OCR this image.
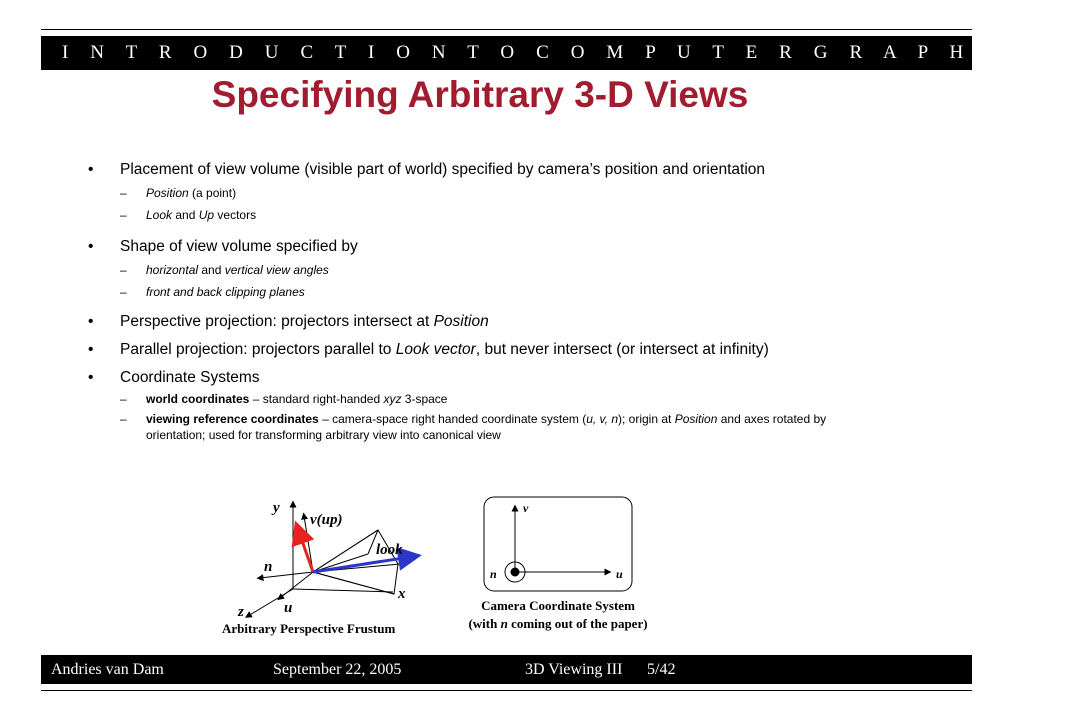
I N T R O D U C T I O N T O C O M P U T E R G R A P H I C S
Specifying Arbitrary 3-D Views
• Placement of view volume (visible part of world) specified by camera’s position and orientation
– Position (a point)
– Look and Up vectors
• Shape of view volume specified by
– horizontal and vertical view angles
– front and back clipping planes
• Perspective projection: projectors intersect at Position
• Parallel projection: projectors parallel to Look vector, but never intersect (or intersect at infinity)
• Coordinate Systems
– world coordinates – standard right-handed xyz 3-space
– viewing reference coordinates – camera-space right handed coordinate system (u, v, n); origin at Position and axes rotated by orientation; used for transforming arbitrary view into canonical view
y
v(up)
look
n
x
z	u
Arbitrary Perspective Frustum
v
n	u
Camera Coordinate System
(with n coming out of the paper)
Andries van Dam	September 22, 2005	3D Viewing III 5/42
